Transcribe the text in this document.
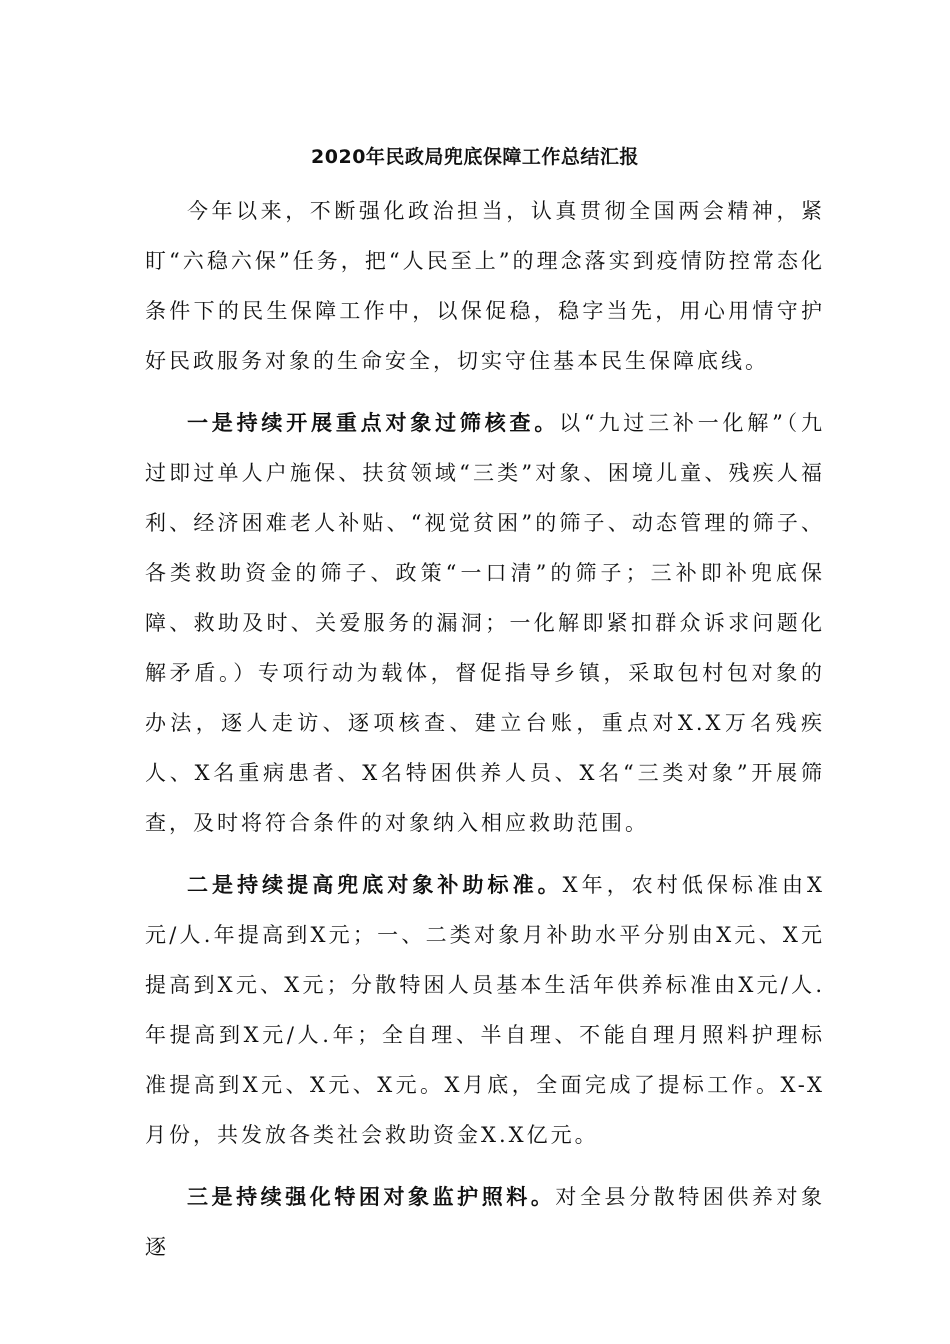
2020年民政局兜底保障工作总结汇报

今年以来，不断强化政治担当，认真贯彻全国两会精神，紧盯“六稳六保”任务，把“人民至上”的理念落实到疫情防控常态化条件下的民生保障工作中，以保促稳，稳字当先，用心用情守护好民政服务对象的生命安全，切实守住基本民生保障底线。

一是持续开展重点对象过筛核查。以“九过三补一化解”（九过即过单人户施保、扶贫领域“三类”对象、困境儿童、残疾人福利、经济困难老人补贴、“视觉贫困”的筛子、动态管理的筛子、各类救助资金的筛子、政策“一口清”的筛子；三补即补兜底保障、救助及时、关爱服务的漏洞；一化解即紧扣群众诉求问题化解矛盾。）专项行动为载体，督促指导乡镇，采取包村包对象的办法，逐人走访、逐项核查、建立台账，重点对X.X万名残疾人、X名重病患者、X名特困供养人员、X名“三类对象”开展筛查，及时将符合条件的对象纳入相应救助范围。

二是持续提高兜底对象补助标准。X年，农村低保标准由X元/人.年提高到X元；一、二类对象月补助水平分别由X元、X元提高到X元、X元；分散特困人员基本生活年供养标准由X元/人.年提高到X元/人.年；全自理、半自理、不能自理月照料护理标准提高到X元、X元、X元。X月底，全面完成了提标工作。X-X月份，共发放各类社会救助资金X.X亿元。

三是持续强化特困对象监护照料。对全县分散特困供养对象逐
